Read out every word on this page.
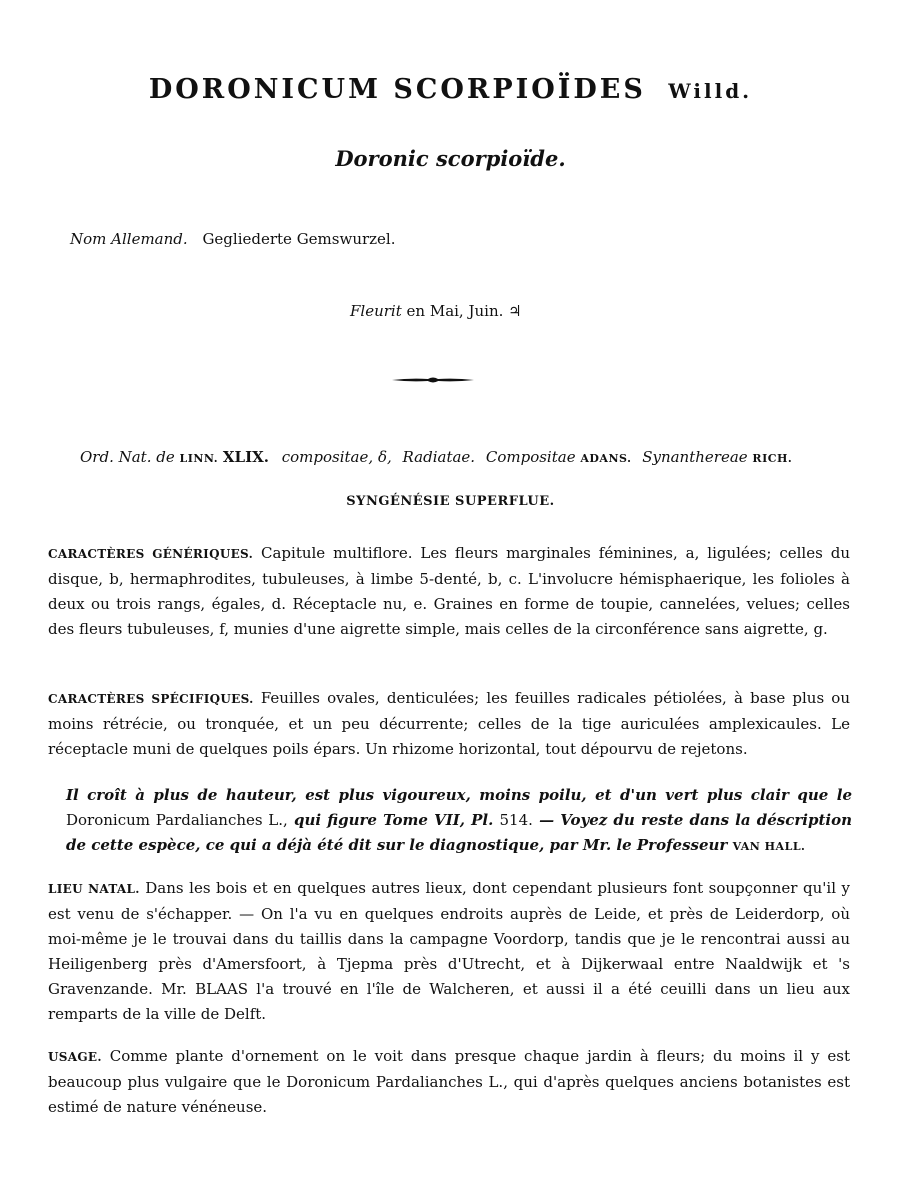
DORONICUM SCORPIOÏDES Willd.
Doronic scorpioïde.
Nom Allemand. Gegliederte Gemswurzel.
Fleurit en Mai, Juin. ♃
Ord. Nat. de LINN. XLIX. compositae, δ, Radiatae. Compositae ADANS. Synanthereae RICH.
SYNGÉNÉSIE SUPERFLUE.
CARACTÈRES GÉNÉRIQUES. Capitule multiflore. Les fleurs marginales féminines, a, ligulées; celles du disque, b, hermaphrodites, tubuleuses, à limbe 5-denté, b, c. L'involucre hémisphaerique, les folioles à deux ou trois rangs, égales, d. Réceptacle nu, e. Graines en forme de toupie, cannelées, velues; celles des fleurs tubuleuses, f, munies d'une aigrette simple, mais celles de la circonférence sans aigrette, g.
CARACTÈRES SPÉCIFIQUES. Feuilles ovales, denticulées; les feuilles radicales pétiolées, à base plus ou moins rétrécie, ou tronquée, et un peu décurrente; celles de la tige auriculées amplexicaules. Le réceptacle muni de quelques poils épars. Un rhizome horizontal, tout dépourvu de rejetons.
Il croît à plus de hauteur, est plus vigoureux, moins poilu, et d'un vert plus clair que le Doronicum Pardalianches L., qui figure Tome VII, Pl. 514. — Voyez du reste dans la déscription de cette espèce, ce qui a déjà été dit sur le diagnostique, par Mr. le Professeur VAN HALL.
LIEU NATAL. Dans les bois et en quelques autres lieux, dont cependant plusieurs font soupçonner qu'il y est venu de s'échapper. — On l'a vu en quelques endroits auprès de Leide, et près de Leiderdorp, où moi-même je le trouvai dans du taillis dans la campagne Voordorp, tandis que je le rencontrai aussi au Heiligenberg près d'Amersfoort, à Tjepma près d'Utrecht, et à Dijkerwaal entre Naaldwijk et 's Gravenzande. Mr. BLAAS l'a trouvé en l'île de Walcheren, et aussi il a été ceuilli dans un lieu aux remparts de la ville de Delft.
USAGE. Comme plante d'ornement on le voit dans presque chaque jardin à fleurs; du moins il y est beaucoup plus vulgaire que le Doronicum Pardalianches L., qui d'après quelques anciens botanistes est estimé de nature vénéneuse.
